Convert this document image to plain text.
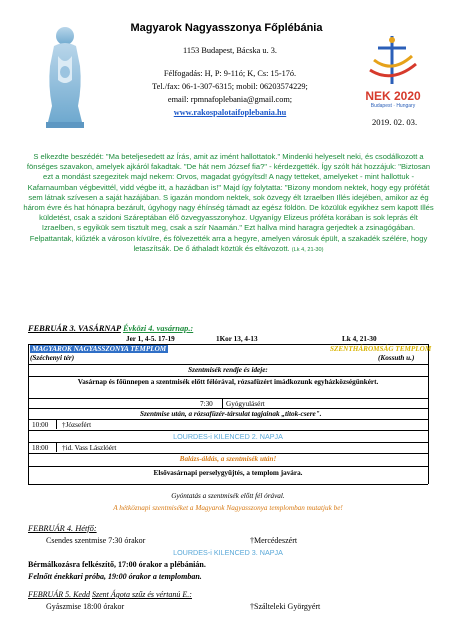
Magyarok Nagyasszonya Főplébánia
1153 Budapest, Bácska u. 3.
Félfogadás: H, P: 9-11ó; K, Cs: 15-17ó.
Tel./fax: 06-1-307-6315; mobil: 06203574229;
email: rpmnafoplebania@gmail.com;
www.rakospalotaifoplebania.hu
NEK 2020
Budapest · Hungary
2019. 02. 03.
S elkezdte beszédét: "Ma beteljesedett az Írás, amit az imént hallottatok." Mindenki helyeselt neki, és csodálkozott a fönséges szavakon, amelyek ajkáról fakadtak. "De hát nem József fia?" - kérdezgették. Így szólt hát hozzájuk: "Biztosan ezt a mondást szegezitek majd nekem: Orvos, magadat gyógyítsd! A nagy tetteket, amelyeket - mint hallottuk - Kafarnaumban végbevittél, vidd végbe itt, a hazádban is!" Majd így folytatta: "Bizony mondom nektek, hogy egy prófétát sem látnak szívesen a saját hazájában. S igazán mondom nektek, sok özvegy élt Izraelben Illés idejében, amikor az ég három évre és hat hónapra bezárult, úgyhogy nagy éhínség támadt az egész földön. De közülük egyikhez sem kapott Illés küldetést, csak a szidoni Száreptában élő özvegyasszonyhoz. Ugyanígy Elizeus próféta korában is sok leprás élt Izraelben, s egyikük sem tisztult meg, csak a szír Naamán." Ezt hallva mind haragra gerjedtek a zsinagógában. Felpattantak, kiűzték a városon kívülre, és fölvezették arra a hegyre, amelyen városuk épült, a szakadék szélére, hogy letaszítsák. De ő áthaladt köztük és eltávozott. (Lk 4, 21-30)
FEBRUÁR 3. VASÁRNAP Évközi 4. vasárnap.:
Jer 1, 4-5. 17-19	1Kor 13, 4-13	Lk 4, 21-30
MAGYAROK NAGYASSZONYA TEMPLOM	SZENTHÁROMSÁG TEMPLOM
(Széchenyi tér)	(Kossuth u.)
Szentmisék rendje és ideje:
Vasárnap és főünnepen a szentmisék előtt félórával, rózsafüzért imádkozunk egyházközségünkért.
7:30 Gyógyulásért
Szentmise után, a rózsafüzér-társulat tagjainak „titok-csere".
10:00 †Józsefért
LOURDES-i KILENCED 2. NAPJA
18:00 †id. Vass Lászlóért
Balázs-áldás, a szentmisék után!
Elsővasárnapi perselygyűjtés, a templom javára.
Gyóntatás a szentmisék előtt fél órával.
A hétköznapi szentmiséket a Magyarok Nagyasszonya templomban mutatjuk be!
FEBRUÁR 4. Hétfő:
Csendes szentmise 7:30 órakor	†Mercédeszért
LOURDES-i KILENCED 3. NAPJA
Bérmálkozásra felkészítő, 17:00 órakor a plébánián.
Felnőtt énekkari próba, 19:00 órakor a templomban.
FEBRUÁR 5. Kedd Szent Ágota szűz és vértanú E.:
Gyászmise 18:00 órakor	†Szálteleki Györgyért
